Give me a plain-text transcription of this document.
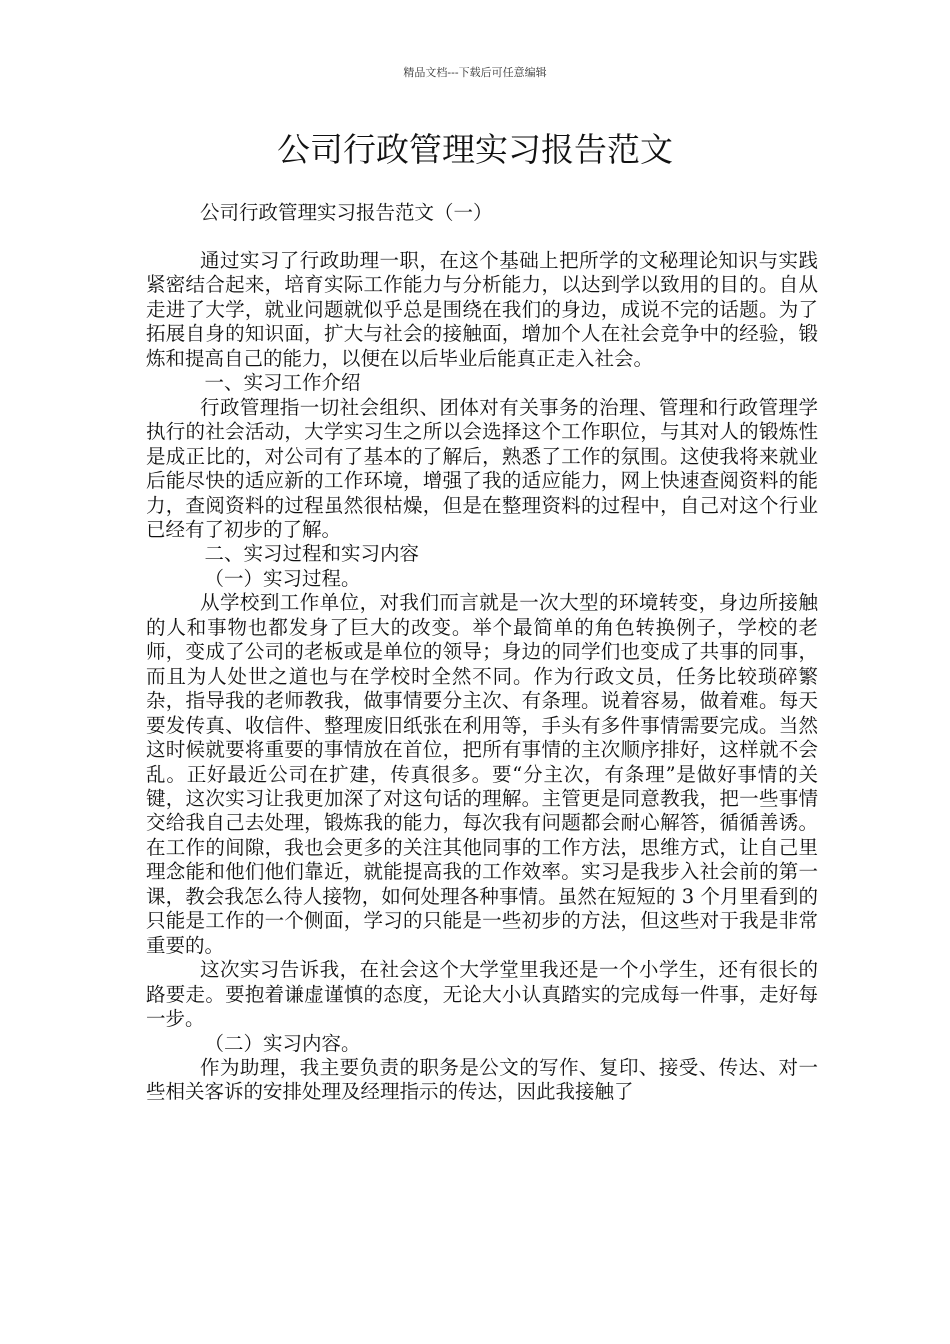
精品文档---下载后可任意编辑
公司行政管理实习报告范文
公司行政管理实习报告范文（一）

通过实习了行政助理一职，在这个基础上把所学的文秘理论知识与实践紧密结合起来，培育实际工作能力与分析能力，以达到学以致用的目的。自从走进了大学，就业问题就似乎总是围绕在我们的身边，成说不完的话题。为了拓展自身的知识面，扩大与社会的接触面，增加个人在社会竞争中的经验，锻炼和提高自己的能力，以便在以后毕业后能真正走入社会。

一、实习工作介绍

行政管理指一切社会组织、团体对有关事务的治理、管理和行政管理学执行的社会活动，大学实习生之所以会选择这个工作职位，与其对人的锻炼性是成正比的，对公司有了基本的了解后，熟悉了工作的氛围。这使我将来就业后能尽快的适应新的工作环境，增强了我的适应能力，网上快速查阅资料的能力，查阅资料的过程虽然很枯燥，但是在整理资料的过程中，自己对这个行业已经有了初步的了解。

二、实习过程和实习内容

（一）实习过程。

从学校到工作单位，对我们而言就是一次大型的环境转变，身边所接触的人和事物也都发身了巨大的改变。举个最简单的角色转换例子，学校的老师，变成了公司的老板或是单位的领导；身边的同学们也变成了共事的同事，而且为人处世之道也与在学校时全然不同。作为行政文员，任务比较琐碎繁杂，指导我的老师教我，做事情要分主次、有条理。说着容易，做着难。每天要发传真、收信件、整理废旧纸张在利用等，手头有多件事情需要完成。当然这时候就要将重要的事情放在首位，把所有事情的主次顺序排好，这样就不会乱。正好最近公司在扩建，传真很多。要“分主次，有条理”是做好事情的关键，这次实习让我更加深了对这句话的理解。主管更是同意教我，把一些事情交给我自己去处理，锻炼我的能力，每次我有问题都会耐心解答，循循善诱。在工作的间隙，我也会更多的关注其他同事的工作方法，思维方式，让自己里理念能和他们他们靠近，就能提高我的工作效率。实习是我步入社会前的第一课，教会我怎么待人接物，如何处理各种事情。虽然在短短的 3 个月里看到的只能是工作的一个侧面，学习的只能是一些初步的方法，但这些对于我是非常重要的。

这次实习告诉我，在社会这个大学堂里我还是一个小学生，还有很长的路要走。要抱着谦虚谨慎的态度，无论大小认真踏实的完成每一件事，走好每一步。

（二）实习内容。

作为助理，我主要负责的职务是公文的写作、复印、接受、传达、对一些相关客诉的安排处理及经理指示的传达，因此我接触了
